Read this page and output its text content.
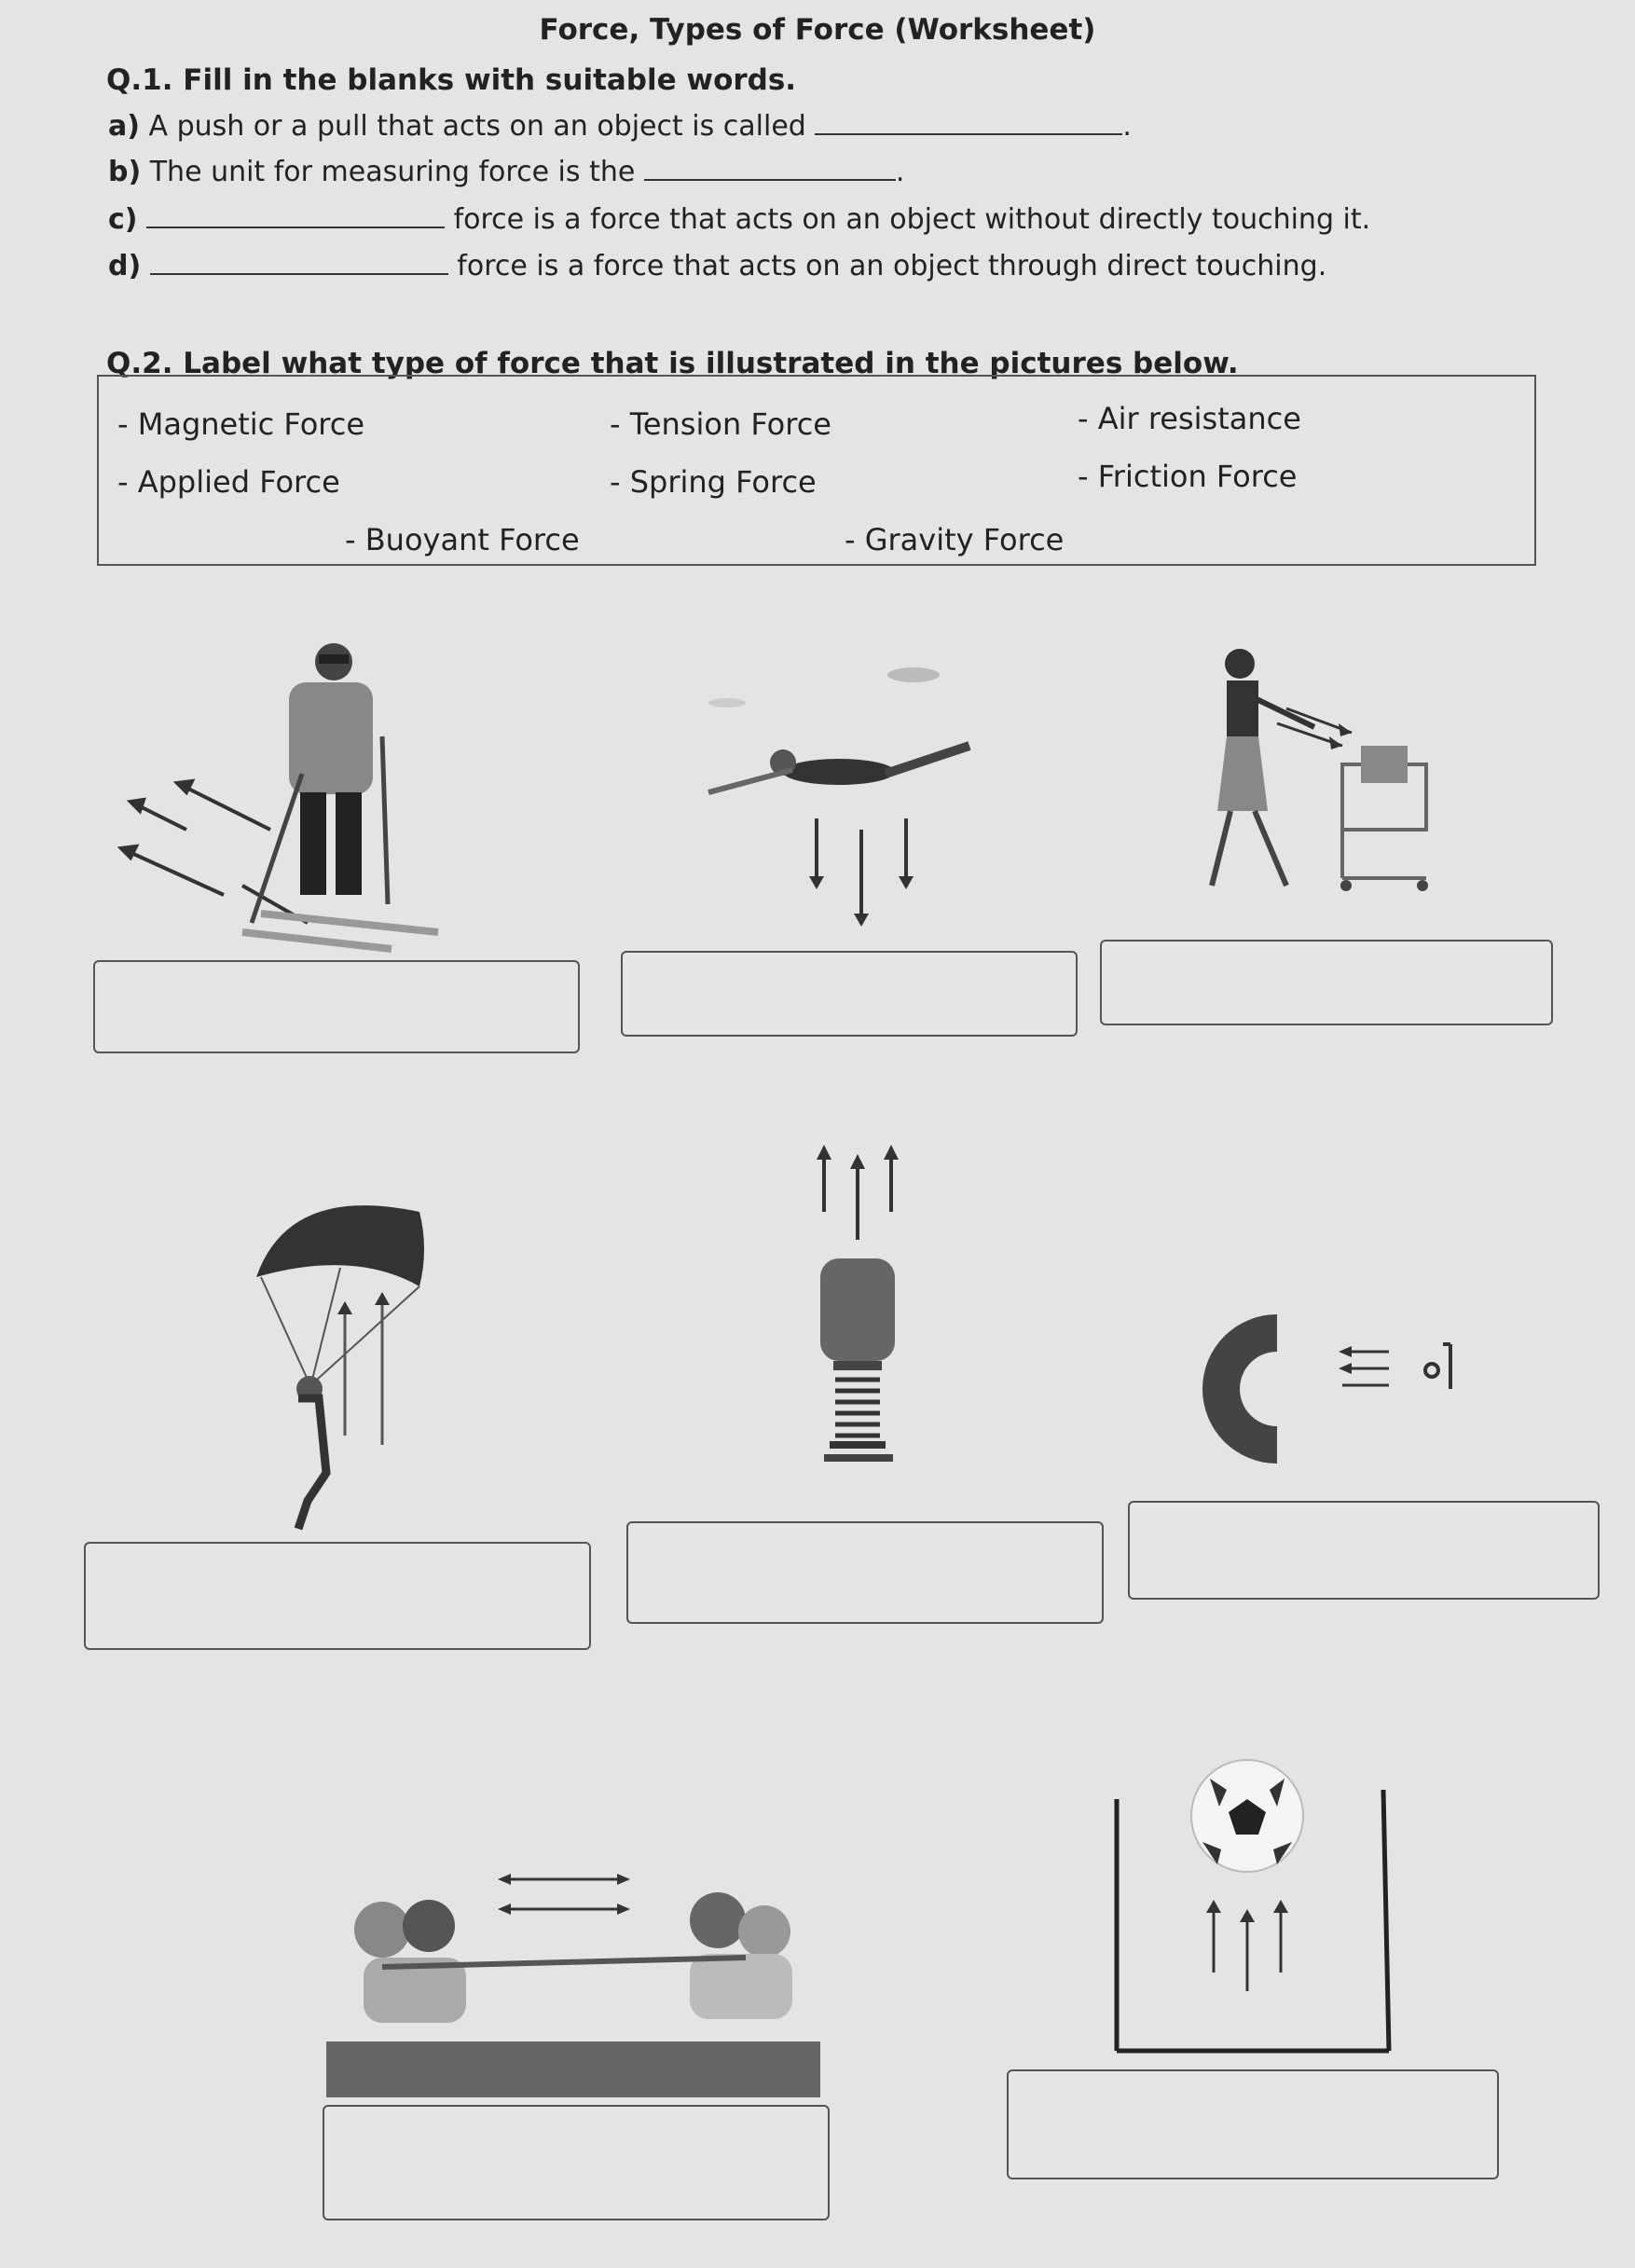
Force, Types of Force (Worksheet)
Q.1. Fill in the blanks with suitable words.
a) A push or a pull that acts on an object is called	.
b) The unit for measuring force is the	.
c)	force is a force that acts on an object without directly touching it.
d)	force is a force that acts on an object through direct touching.
Q.2. Label what type of force that is illustrated in the pictures below.
- Magnetic Force	- Tension Force	- Air resistance
- Applied Force	- Spring Force	- Friction Force
- Buoyant Force	- Gravity Force
